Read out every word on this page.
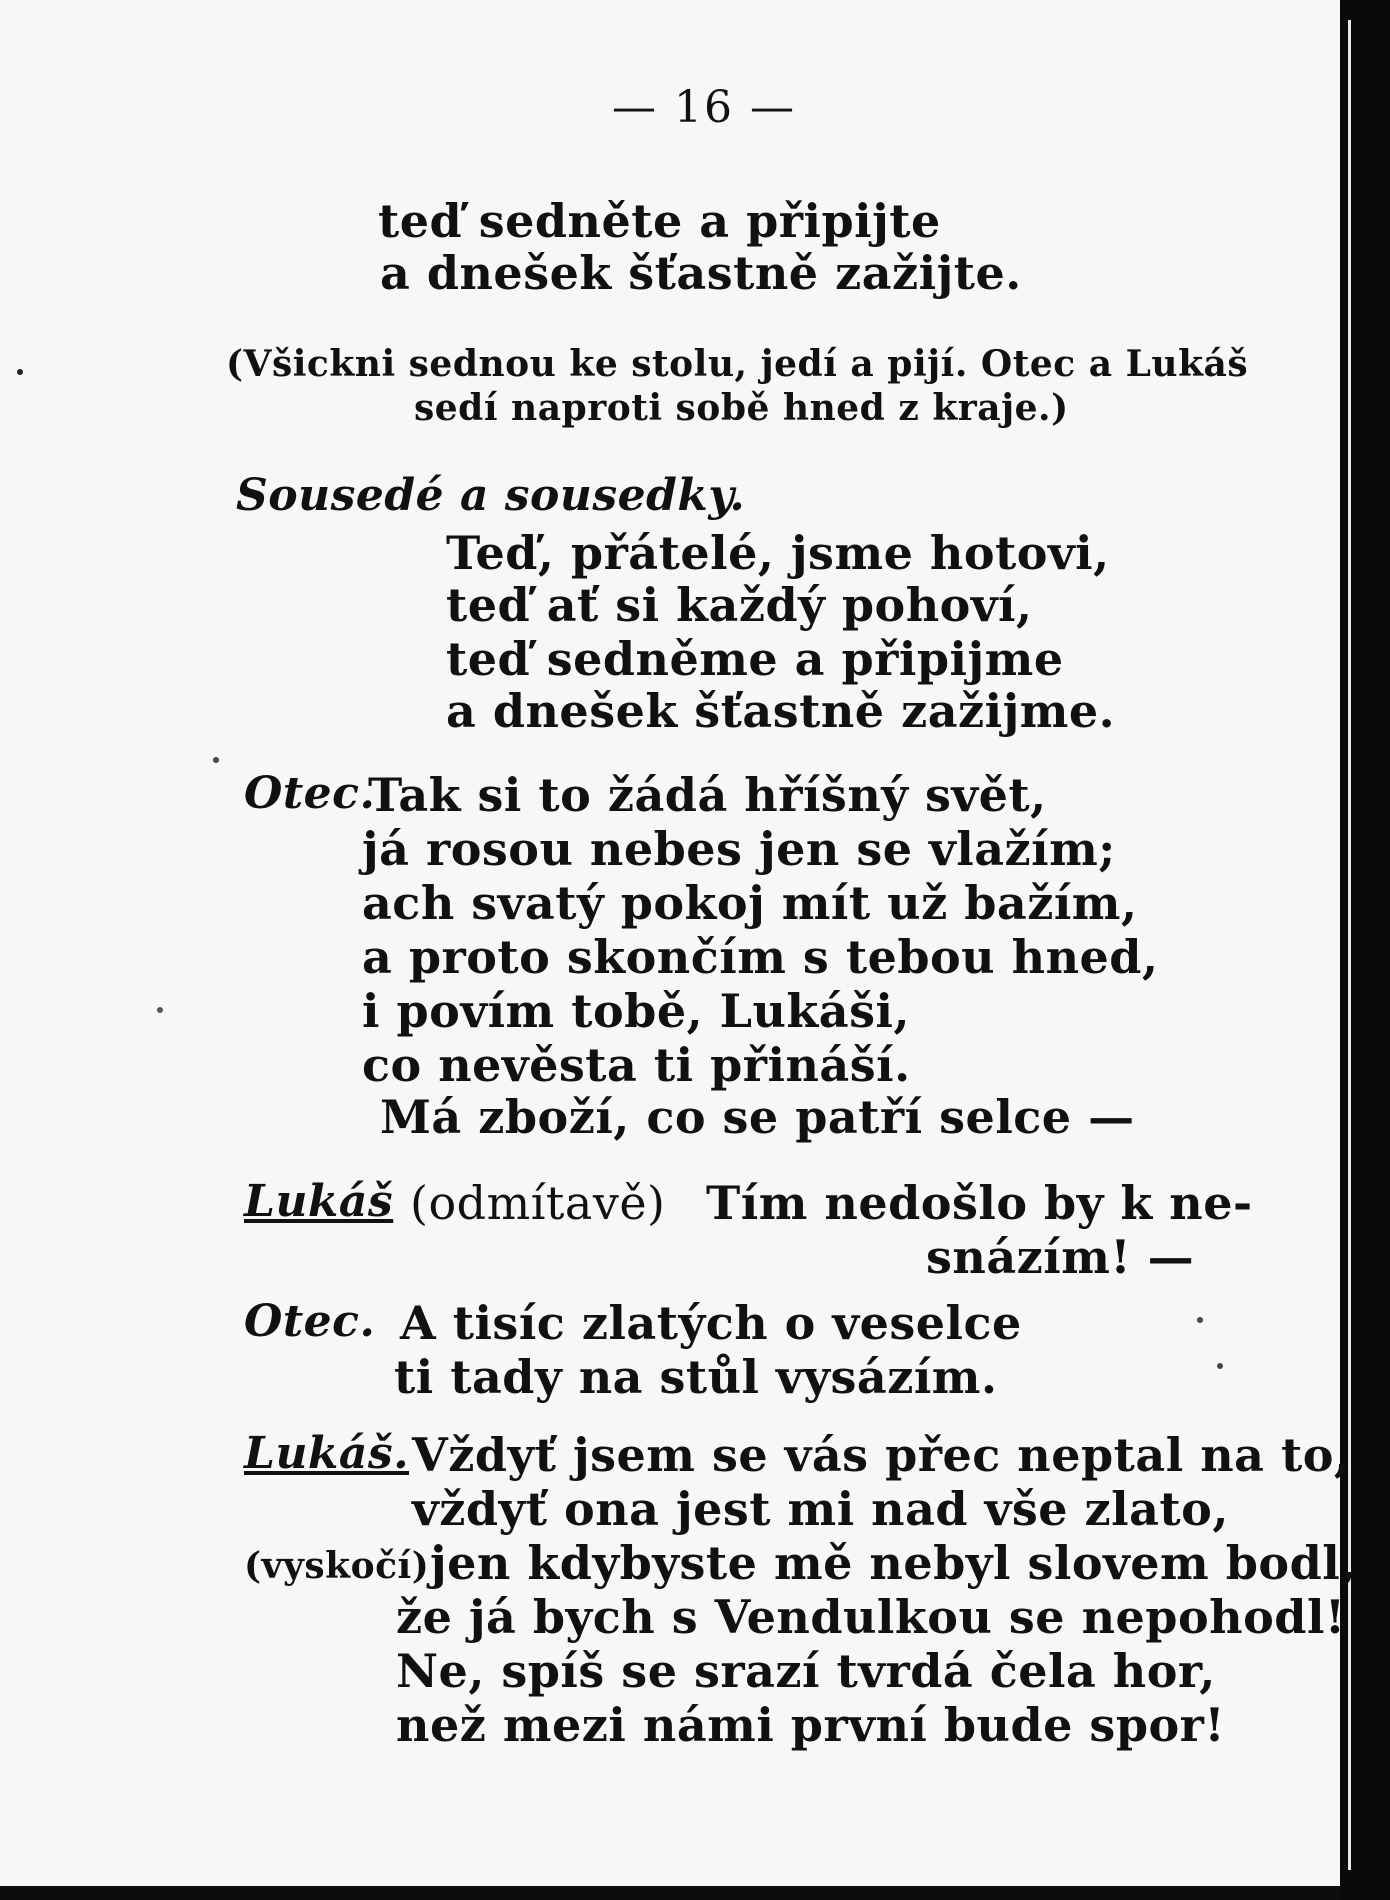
— 16 —
teď sedněte a připijte
a dnešek šťastně zažijte.
(Všickni sednou ke stolu, jedí a pijí. Otec a Lukáš
sedí naproti sobě hned z kraje.)
Sousedé a sousedky.
Teď, přátelé, jsme hotovi,
teď ať si každý pohoví,
teď sedněme a připijme
a dnešek šťastně zažijme.
Otec.
Tak si to žádá hříšný svět,
já rosou nebes jen se vlažím;
ach svatý pokoj mít už bažím,
a proto skončím s tebou hned,
i povím tobě, Lukáši,
co nevěsta ti přináší.
Má zboží, co se patří selce —
Lukáš (odmítavě) Tím nedošlo by k ne-
snázím! —
Otec. A tisíc zlatých o veselce
ti tady na stůl vysázím.
Lukáš. Vždyť jsem se vás přec neptal na to,
vždyť ona jest mi nad vše zlato,
(vyskočí) jen kdybyste mě nebyl slovem bodl,
že já bych s Vendulkou se nepohodl!
Ne, spíš se srazí tvrdá čela hor,
než mezi námi první bude spor!
